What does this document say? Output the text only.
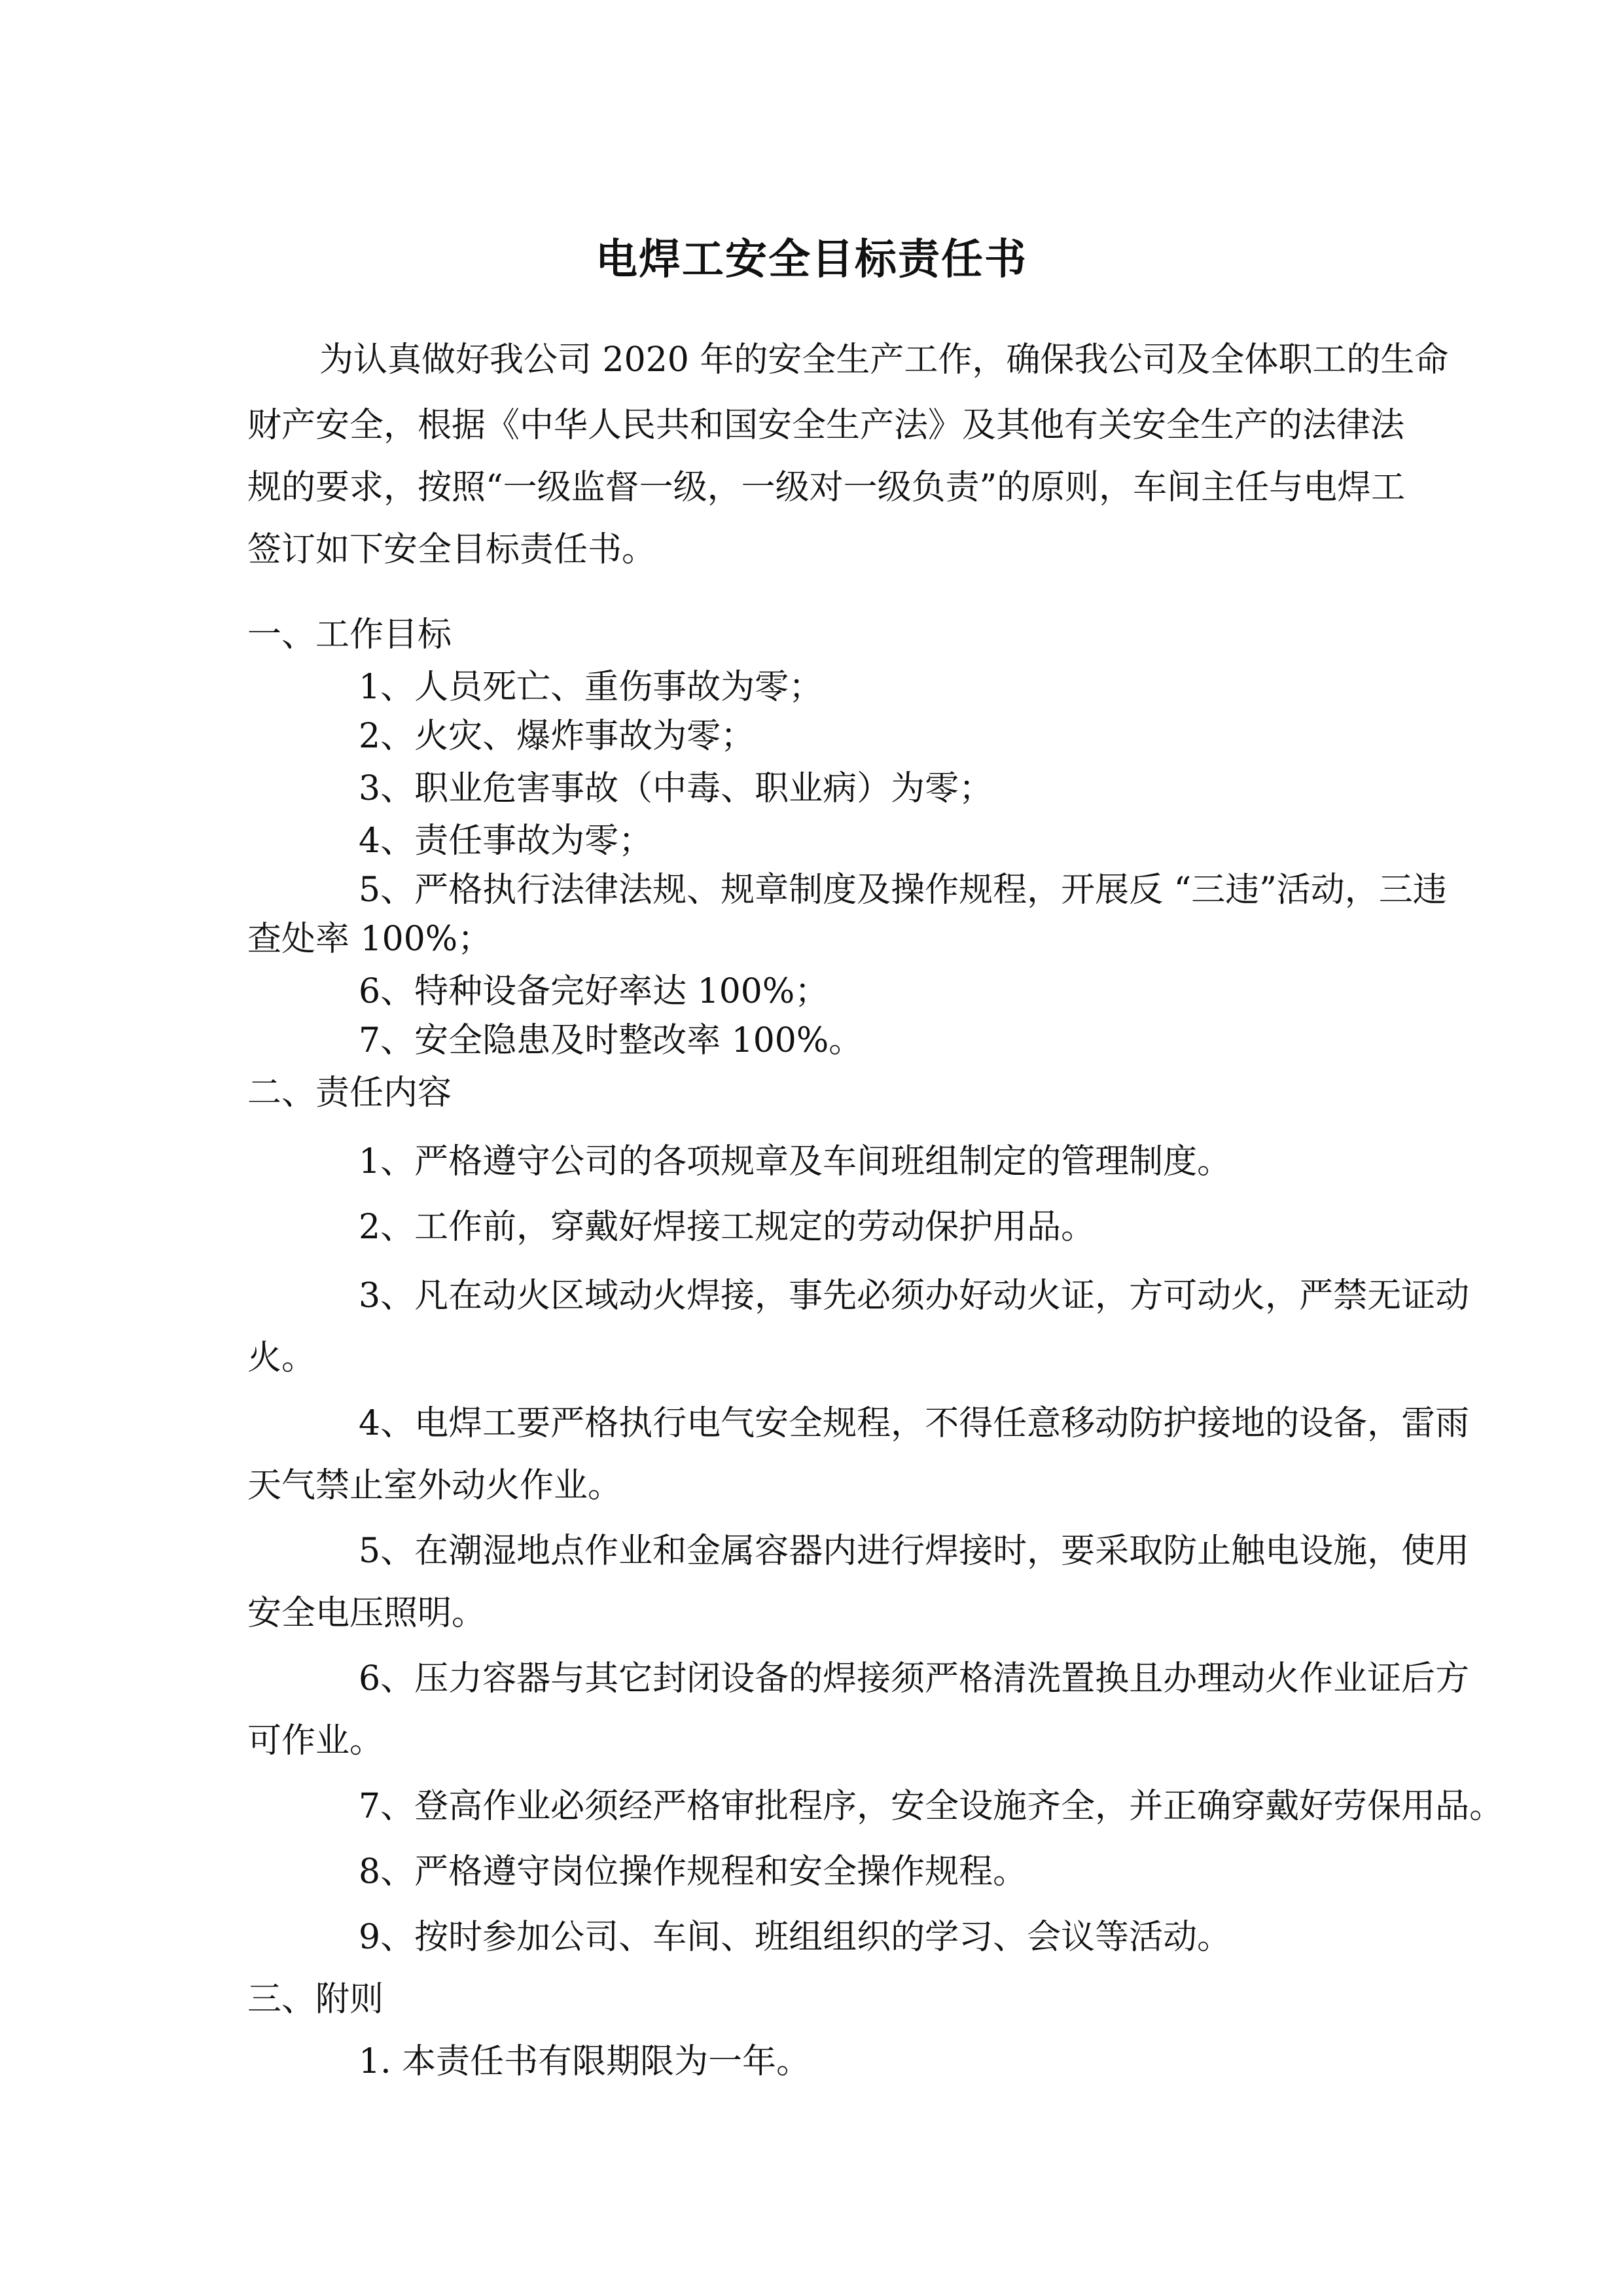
电焊工安全目标责任书
为认真做好我公司 2020 年的安全生产工作，确保我公司及全体职工的生命
财产安全，根据《中华人民共和国安全生产法》及其他有关安全生产的法律法
规的要求，按照“一级监督一级，一级对一级负责”的原则，车间主任与电焊工
签订如下安全目标责任书。
一、工作目标
1、人员死亡、重伤事故为零；
2、火灾、爆炸事故为零；
3、职业危害事故（中毒、职业病）为零；
4、责任事故为零；
5、严格执行法律法规、规章制度及操作规程，开展反 “三违”活动，三违
查处率 100%；
6、特种设备完好率达 100%；
7、安全隐患及时整改率 100%。
二、责任内容
1、严格遵守公司的各项规章及车间班组制定的管理制度。
2、工作前，穿戴好焊接工规定的劳动保护用品。
3、凡在动火区域动火焊接，事先必须办好动火证，方可动火，严禁无证动
火。
4、电焊工要严格执行电气安全规程，不得任意移动防护接地的设备，雷雨
天气禁止室外动火作业。
5、在潮湿地点作业和金属容器内进行焊接时，要采取防止触电设施，使用
安全电压照明。
6、压力容器与其它封闭设备的焊接须严格清洗置换且办理动火作业证后方
可作业。
7、登高作业必须经严格审批程序，安全设施齐全，并正确穿戴好劳保用品。
8、严格遵守岗位操作规程和安全操作规程。
9、按时参加公司、车间、班组组织的学习、会议等活动。
三、附则
1. 本责任书有限期限为一年。
